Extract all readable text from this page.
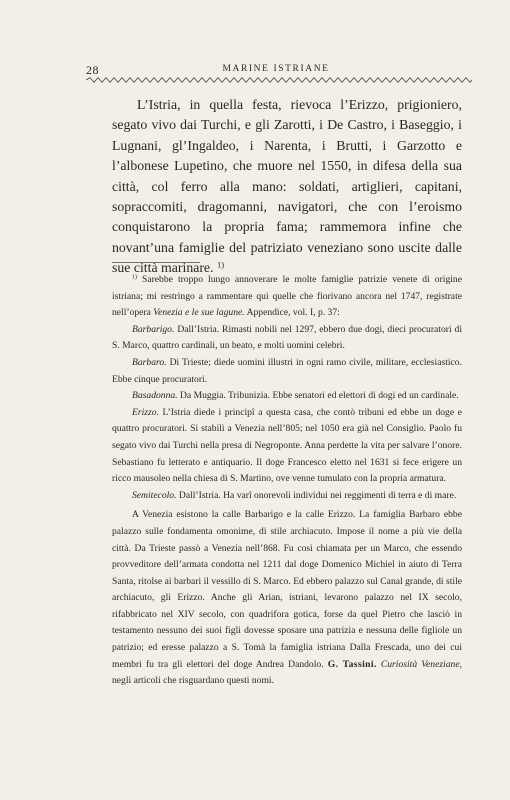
28	MARINE ISTRIANE

L’Istria, in quella festa, rievoca l’Erizzo, prigioniero, segato vivo dai Turchi, e gli Zarotti, i De Castro, i Baseggio, i Lugnani, gl’Ingaldeo, i Narenta, i Brutti, i Garzotto e l’albonese Lupetino, che muore nel 1550, in difesa della sua città, col ferro alla mano: soldati, artiglieri, capitani, sopraccomiti, dragomanni, navigatori, che con l’eroismo conquistarono la propria fama; rammemora infine che novant’una famiglie del patriziato veneziano sono uscite dalle sue città marinare. $^{1)}$

$^{1)}$ Sarebbe troppo lungo annoverare le molte famiglie patrizie venete di origine istriana; mi restringo a rammentare qui quelle che fiorivano ancora nel 1747, registrate nell’opera Venezia e le sue lagune. Appendice, vol. I, p. 37:

Barbarigo. Dall’Istria. Rimasti nobili nel 1297, ebbero due dogi, dieci procuratori di S. Marco, quattro cardinali, un beato, e molti uomini celebri.

Barbaro. Di Trieste; diede uomini illustri in ogni ramo civile, militare, ecclesiastico. Ebbe cinque procuratori.

Basadonna. Da Muggia. Tribunizia. Ebbe senatori ed elettori di dogi ed un cardinale.

Erizzo. L’Istria diede i principî a questa casa, che contò tribuni ed ebbe un doge e quattro procuratori. Si stabilì a Venezia nell’805; nel 1050 era già nel Consiglio. Paolo fu segato vivo dai Turchi nella presa di Negroponte. Anna perdette la vita per salvare l’onore. Sebastiano fu letterato e antiquario. Il doge Francesco eletto nel 1631 si fece erigere un ricco mausoleo nella chiesa di S. Martino, ove venne tumulato con la propria armatura.

Semitecolo. Dall’Istria. Ha varî onorevoli individui nei reggimenti di terra e di mare.

A Venezia esistono la calle Barbarigo e la calle Erizzo. La famiglia Barbaro ebbe palazzo sulle fondamenta omonime, di stile archiacuto. Impose il nome a più vie della città. Da Trieste passò a Venezia nell’868. Fu così chiamata per un Marco, che essendo provveditore dell’armata condotta nel 1211 dal doge Domenico Michiel in aiuto di Terra Santa, ritolse ai barbari il vessillo di S. Marco. Ed ebbero palazzo sul Canal grande, di stile archiacuto, gli Erizzo. Anche gli Arian, istriani, levarono palazzo nel IX secolo, rifabbricato nel XIV secolo, con quadrifora gotica, forse da quel Pietro che lasciò in testamento nessuno dei suoi figli dovesse sposare una patrizia e nessuna delle figliole un patrizio; ed eresse palazzo a S. Tomà la famiglia istriana Dalla Frescada, uno dei cui membri fu tra gli elettori del doge Andrea Dandolo. G. Tassini. Curiosità Veneziane, negli articoli che risguardano questi nomi.
